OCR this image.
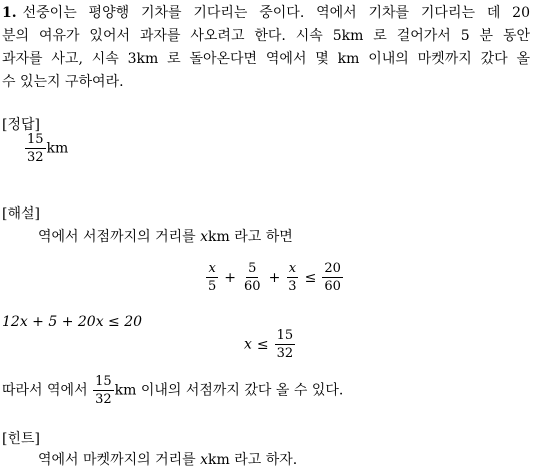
1. 선중이는 평양행 기차를 기다리는 중이다. 역에서 기차를 기다리는 데 20
분의 여유가 있어서 과자를 사오려고 한다. 시속 5km 로 걸어가서 5 분 동안
과자를 사고, 시속 3km 로 돌아온다면 역에서 몇 km 이내의 마켓까지 갔다 올
수 있는지 구하여라.
[정답]
$\frac{15}{32}$ km
[해설]
역에서 서점까지의 거리를 xkm 라고 하면
$\frac{x}{5} + \frac{5}{60} + \frac{x}{3} \le \frac{20}{60}$
12x + 5 + 20x ≤ 20
$x \le \frac{15}{32}$
따라서 역에서 $\frac{15}{32}$ km 이내의 서점까지 갔다 올 수 있다.
[힌트]
역에서 마켓까지의 거리를 xkm 라고 하자.
